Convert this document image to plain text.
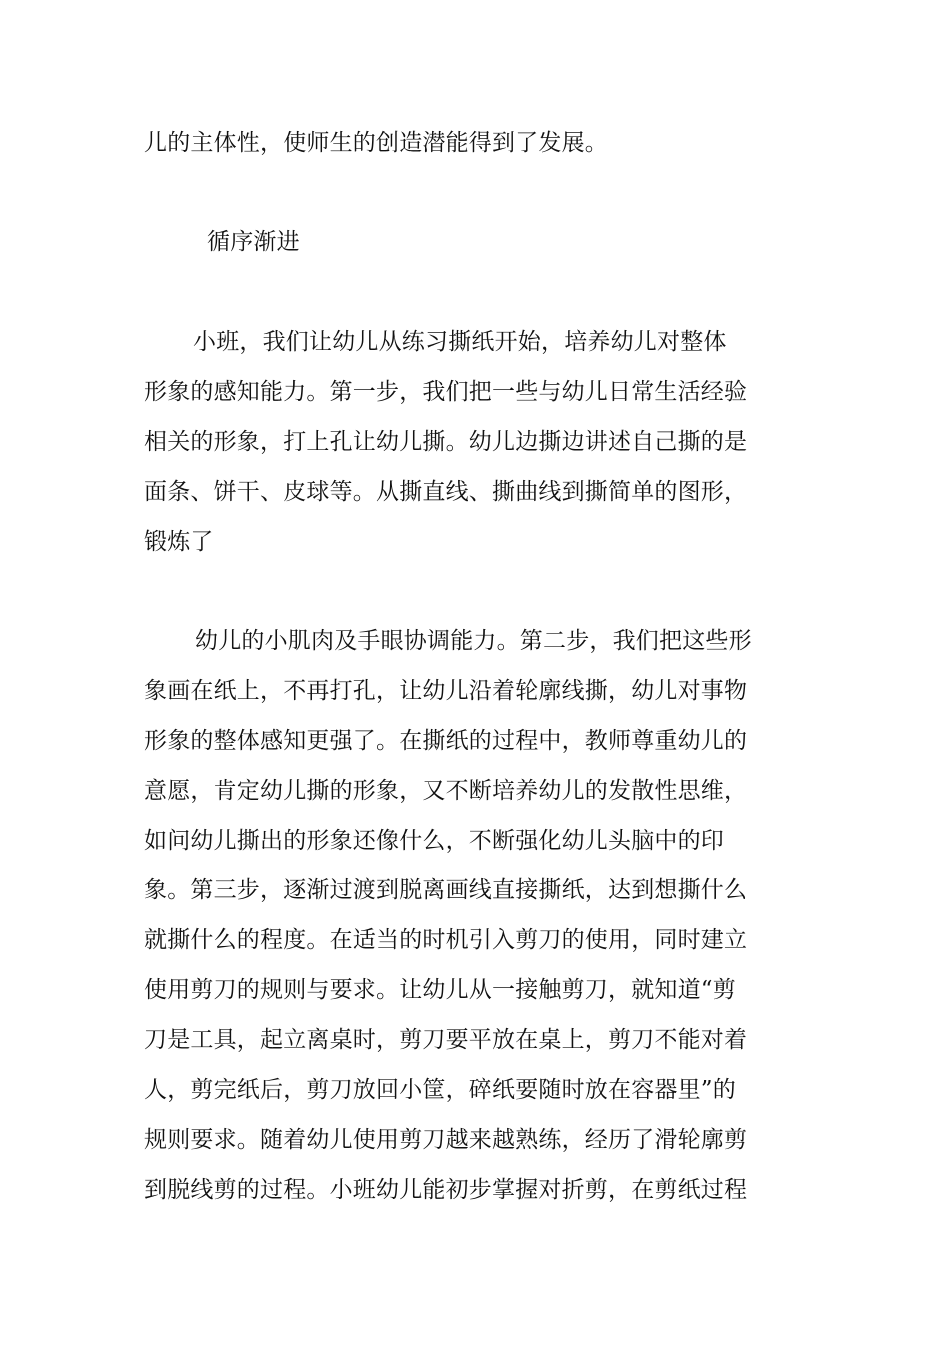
儿的主体性，使师生的创造潜能得到了发展。
循序渐进
小班，我们让幼儿从练习撕纸开始，培养幼儿对整体
形象的感知能力。第一步，我们把一些与幼儿日常生活经验
相关的形象，打上孔让幼儿撕。幼儿边撕边讲述自己撕的是
面条、饼干、皮球等。从撕直线、撕曲线到撕简单的图形，
锻炼了
幼儿的小肌肉及手眼协调能力。第二步，我们把这些形
象画在纸上，不再打孔，让幼儿沿着轮廓线撕，幼儿对事物
形象的整体感知更强了。在撕纸的过程中，教师尊重幼儿的
意愿，肯定幼儿撕的形象，又不断培养幼儿的发散性思维，
如问幼儿撕出的形象还像什么，不断强化幼儿头脑中的印
象。第三步，逐渐过渡到脱离画线直接撕纸，达到想撕什么
就撕什么的程度。在适当的时机引入剪刀的使用，同时建立
使用剪刀的规则与要求。让幼儿从一接触剪刀，就知道“剪
刀是工具，起立离桌时，剪刀要平放在桌上，剪刀不能对着
人，剪完纸后，剪刀放回小筐，碎纸要随时放在容器里”的
规则要求。随着幼儿使用剪刀越来越熟练，经历了滑轮廓剪
到脱线剪的过程。小班幼儿能初步掌握对折剪，在剪纸过程
